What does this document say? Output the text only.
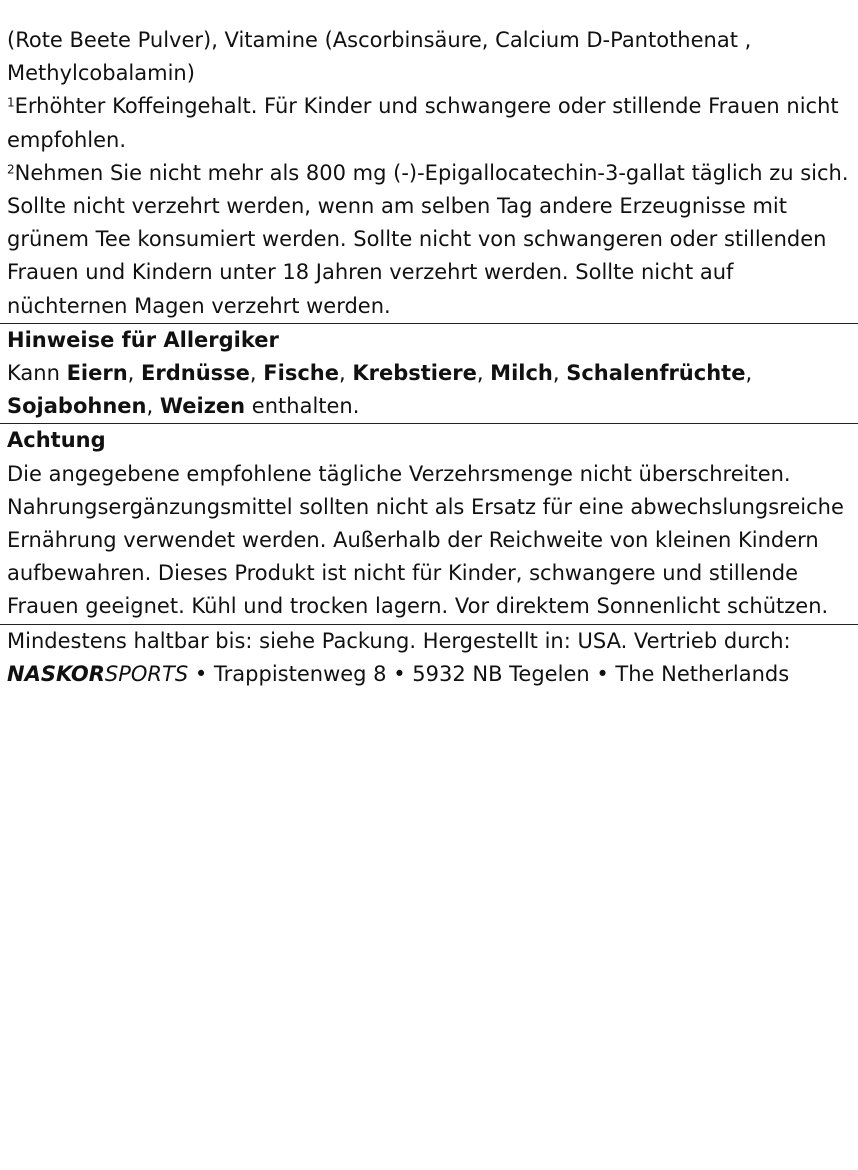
(Rote Beete Pulver), Vitamine (Ascorbinsäure, Calcium D-Pantothenat , Methylcobalamin)
$^1$Erhöhter Koffeingehalt. Für Kinder und schwangere oder stillende Frauen nicht empfohlen.
$^2$Nehmen Sie nicht mehr als 800 mg (-)-Epigallocatechin-3-gallat täglich zu sich. Sollte nicht verzehrt werden, wenn am selben Tag andere Erzeugnisse mit grünem Tee konsumiert werden. Sollte nicht von schwangeren oder stillenden Frauen und Kindern unter 18 Jahren verzehrt werden. Sollte nicht auf nüchternen Magen verzehrt werden.
Hinweise für Allergiker
Kann Eiern, Erdnüsse, Fische, Krebstiere, Milch, Schalenfrüchte, Sojabohnen, Weizen enthalten.
Achtung
Die angegebene empfohlene tägliche Verzehrsmenge nicht überschreiten. Nahrungsergänzungsmittel sollten nicht als Ersatz für eine abwechslungsreiche Ernährung verwendet werden. Außerhalb der Reichweite von kleinen Kindern aufbewahren. Dieses Produkt ist nicht für Kinder, schwangere und stillende Frauen geeignet. Kühl und trocken lagern. Vor direktem Sonnenlicht schützen.
Mindestens haltbar bis: siehe Packung. Hergestellt in: USA. Vertrieb durch: NASKORSPORTS • Trappistenweg 8 • 5932 NB Tegelen • The Netherlands
